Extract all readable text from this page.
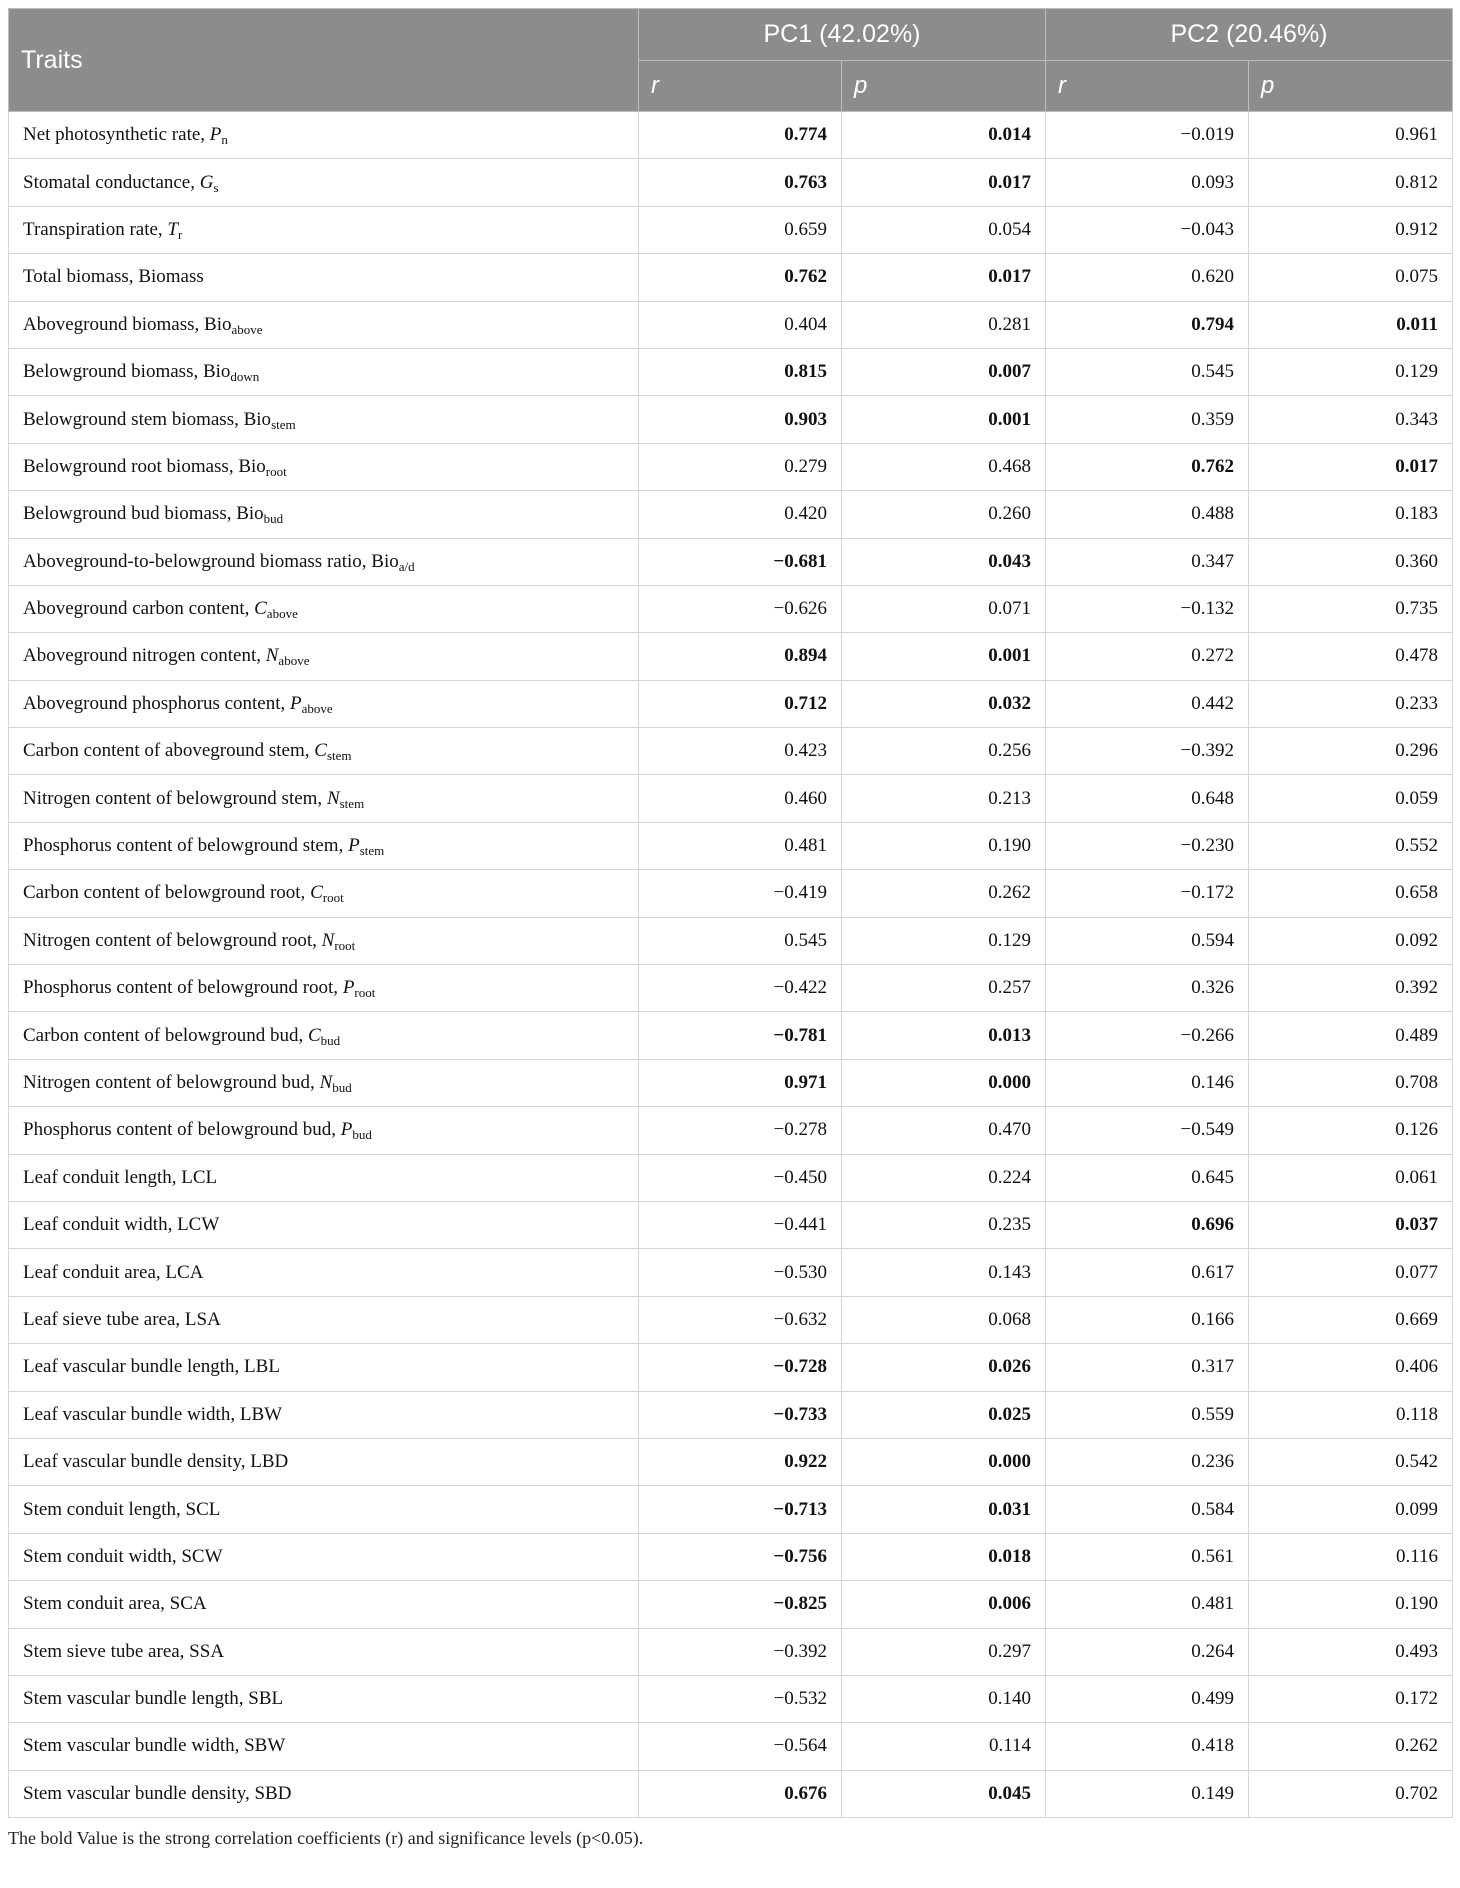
Traits	PC1 (42.02%)		PC2 (20.46%)	
	r	p	r	p
Net photosynthetic rate, $P_n$	0.774	0.014	−0.019	0.961
Stomatal conductance, $G_s$	0.763	0.017	0.093	0.812
Transpiration rate, $T_r$	0.659	0.054	−0.043	0.912
Total biomass, Biomass	0.762	0.017	0.620	0.075
Aboveground biomass, Bio$_{above}$	0.404	0.281	0.794	0.011
Belowground biomass, Bio$_{down}$	0.815	0.007	0.545	0.129
Belowground stem biomass, Bio$_{stem}$	0.903	0.001	0.359	0.343
Belowground root biomass, Bio$_{root}$	0.279	0.468	0.762	0.017
Belowground bud biomass, Bio$_{bud}$	0.420	0.260	0.488	0.183
Aboveground-to-belowground biomass ratio, Bio$_{a/d}$	−0.681	0.043	0.347	0.360
Aboveground carbon content, $C_{above}$	−0.626	0.071	−0.132	0.735
Aboveground nitrogen content, $N_{above}$	0.894	0.001	0.272	0.478
Aboveground phosphorus content, $P_{above}$	0.712	0.032	0.442	0.233
Carbon content of aboveground stem, $C_{stem}$	0.423	0.256	−0.392	0.296
Nitrogen content of belowground stem, $N_{stem}$	0.460	0.213	0.648	0.059
Phosphorus content of belowground stem, $P_{stem}$	0.481	0.190	−0.230	0.552
Carbon content of belowground root, $C_{root}$	−0.419	0.262	−0.172	0.658
Nitrogen content of belowground root, $N_{root}$	0.545	0.129	0.594	0.092
Phosphorus content of belowground root, $P_{root}$	−0.422	0.257	0.326	0.392
Carbon content of belowground bud, $C_{bud}$	−0.781	0.013	−0.266	0.489
Nitrogen content of belowground bud, $N_{bud}$	0.971	0.000	0.146	0.708
Phosphorus content of belowground bud, $P_{bud}$	−0.278	0.470	−0.549	0.126
Leaf conduit length, LCL	−0.450	0.224	0.645	0.061
Leaf conduit width, LCW	−0.441	0.235	0.696	0.037
Leaf conduit area, LCA	−0.530	0.143	0.617	0.077
Leaf sieve tube area, LSA	−0.632	0.068	0.166	0.669
Leaf vascular bundle length, LBL	−0.728	0.026	0.317	0.406
Leaf vascular bundle width, LBW	−0.733	0.025	0.559	0.118
Leaf vascular bundle density, LBD	0.922	0.000	0.236	0.542
Stem conduit length, SCL	−0.713	0.031	0.584	0.099
Stem conduit width, SCW	−0.756	0.018	0.561	0.116
Stem conduit area, SCA	−0.825	0.006	0.481	0.190
Stem sieve tube area, SSA	−0.392	0.297	0.264	0.493
Stem vascular bundle length, SBL	−0.532	0.140	0.499	0.172
Stem vascular bundle width, SBW	−0.564	0.114	0.418	0.262
Stem vascular bundle density, SBD	0.676	0.045	0.149	0.702
The bold Value is the strong correlation coefficients (r) and significance levels (p<0.05).
